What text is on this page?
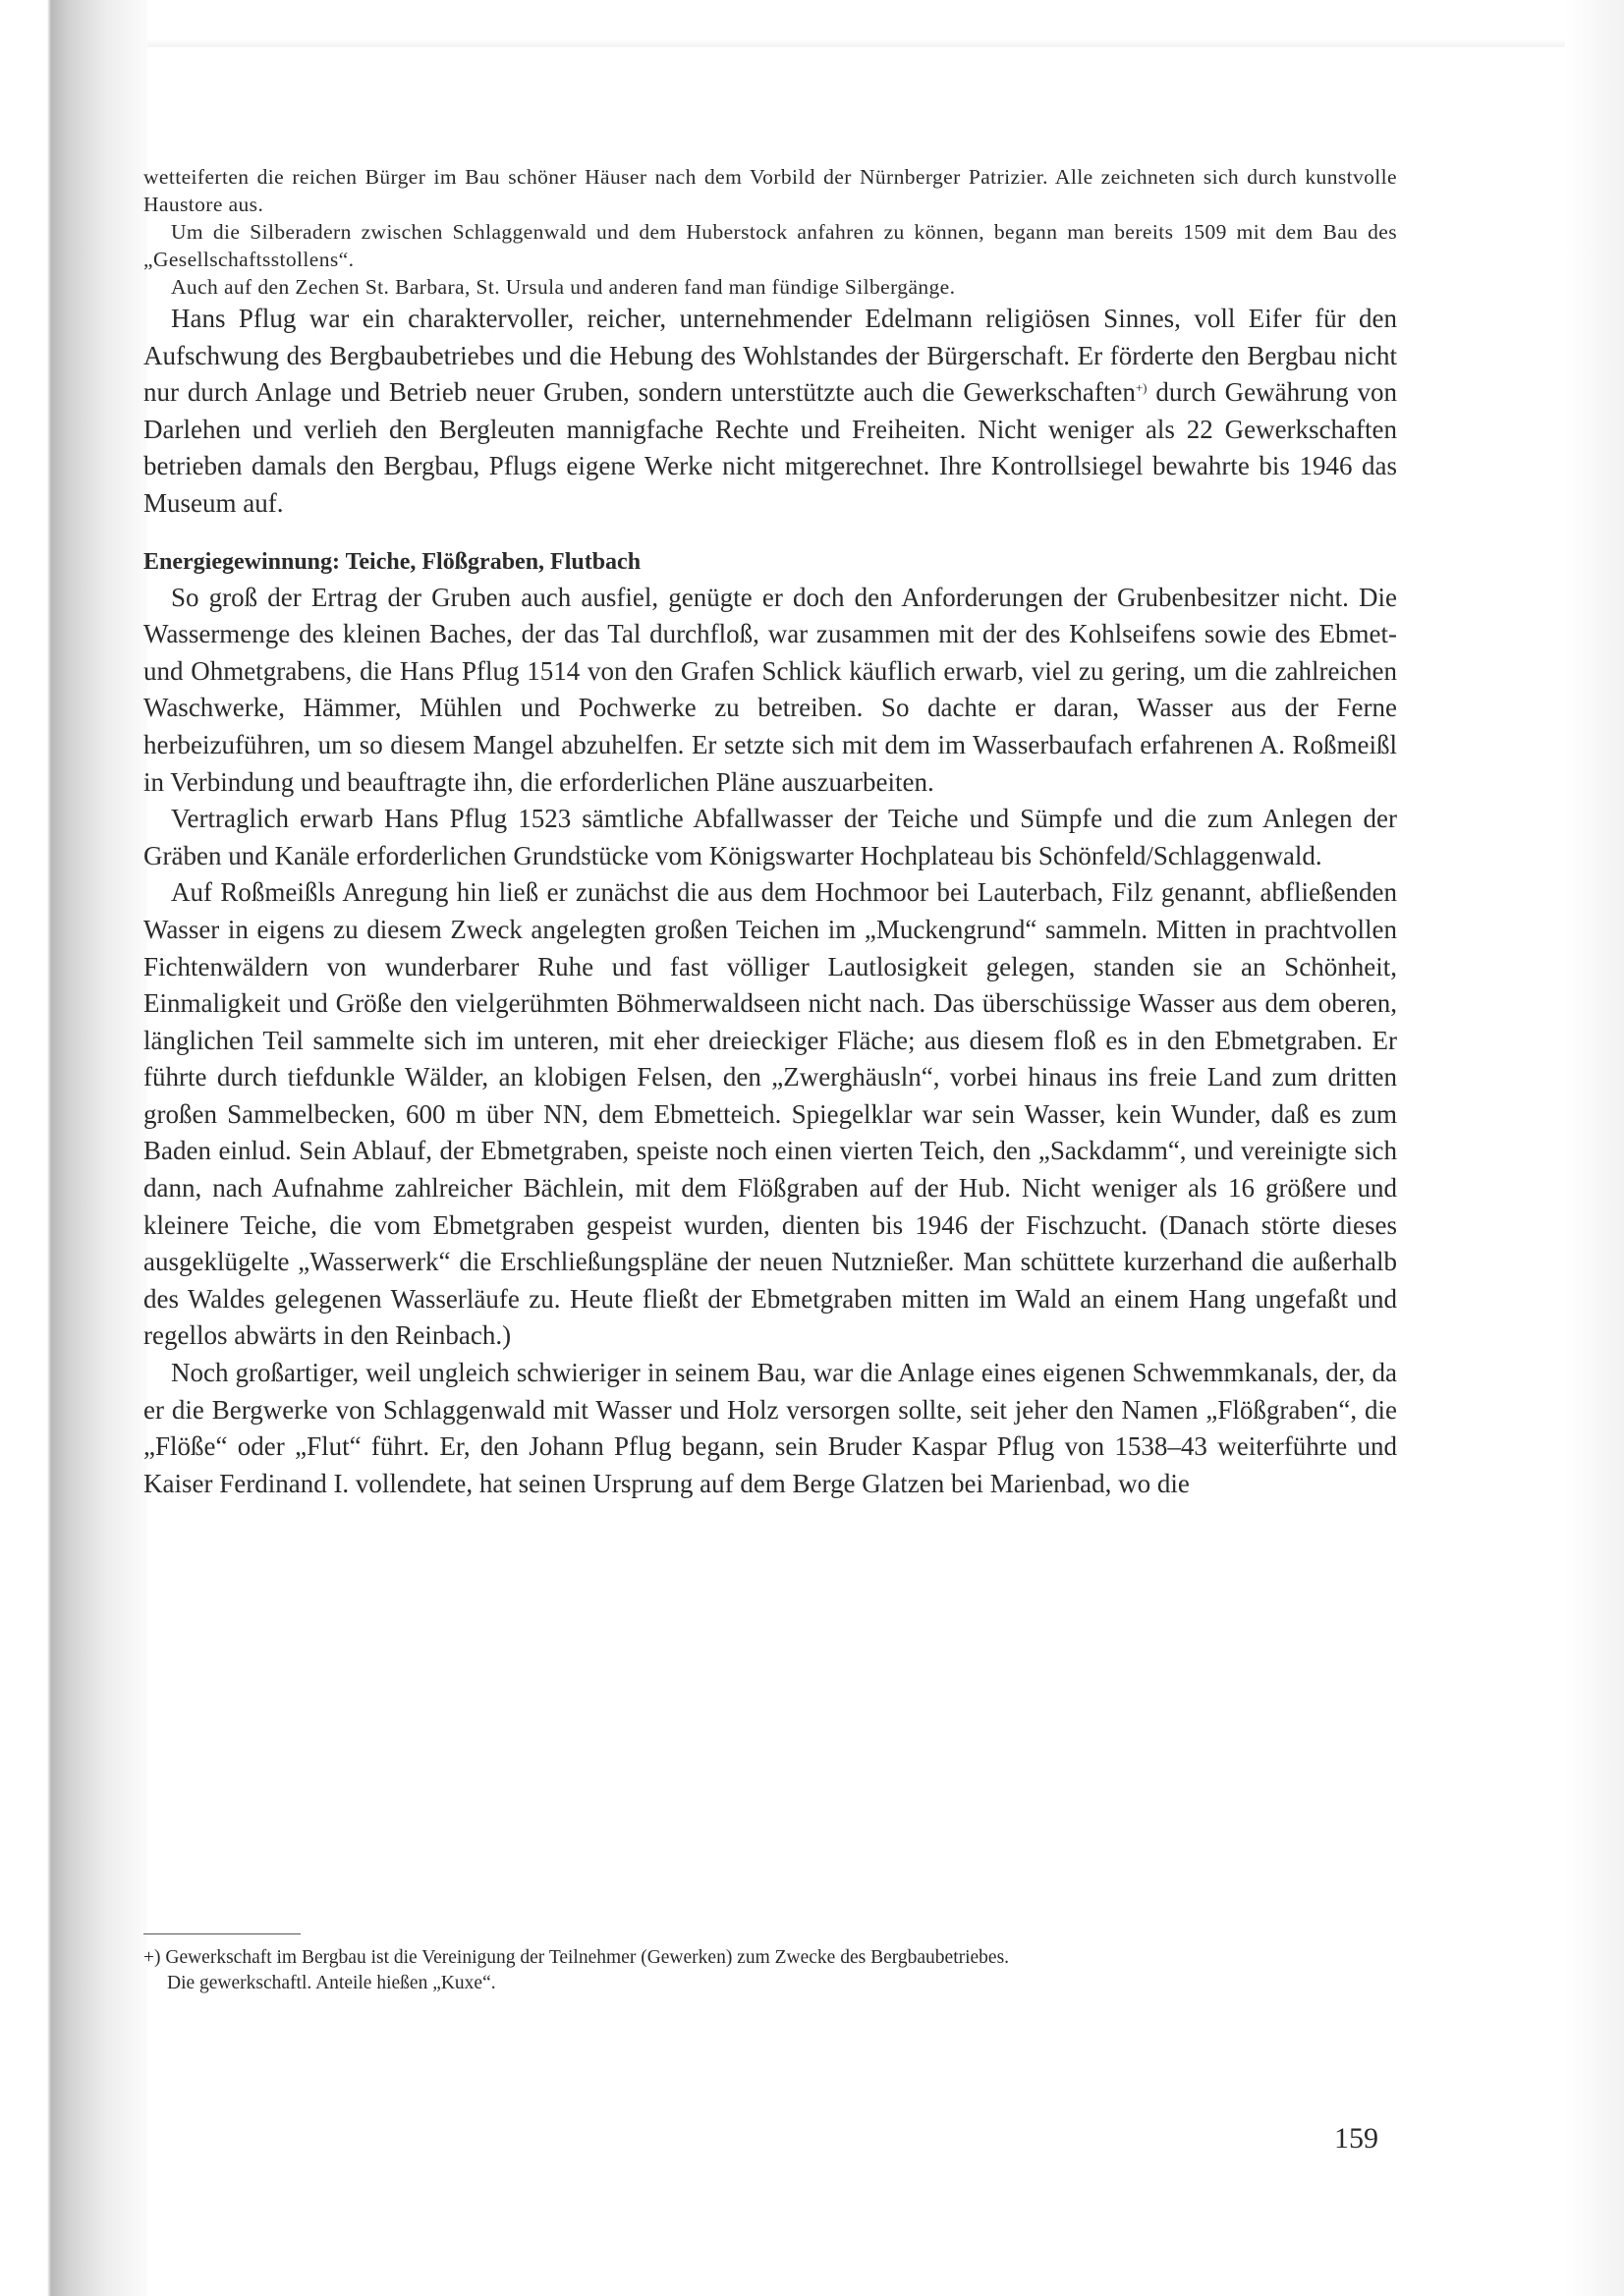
wetteiferten die reichen Bürger im Bau schöner Häuser nach dem Vorbild der Nürnberger Patrizier. Alle zeichneten sich durch kunstvolle Haustore aus.

Um die Silberadern zwischen Schlaggenwald und dem Huberstock anfahren zu können, begann man bereits 1509 mit dem Bau des „Gesellschaftsstollens“.

Auch auf den Zechen St. Barbara, St. Ursula und anderen fand man fündige Silbergänge.

Hans Pflug war ein charaktervoller, reicher, unternehmender Edelmann religiösen Sinnes, voll Eifer für den Aufschwung des Bergbaubetriebes und die Hebung des Wohlstandes der Bürgerschaft. Er förderte den Bergbau nicht nur durch Anlage und Betrieb neuer Gruben, sondern unterstützte auch die Gewerkschaften+) durch Gewährung von Darlehen und verlieh den Bergleuten mannigfache Rechte und Freiheiten. Nicht weniger als 22 Gewerkschaften betrieben damals den Bergbau, Pflugs eigene Werke nicht mitgerechnet. Ihre Kontrollsiegel bewahrte bis 1946 das Museum auf.

Energiegewinnung: Teiche, Flößgraben, Flutbach

So groß der Ertrag der Gruben auch ausfiel, genügte er doch den Anforderungen der Grubenbesitzer nicht. Die Wassermenge des kleinen Baches, der das Tal durchfloß, war zusammen mit der des Kohlseifens sowie des Ebmet- und Ohmetgrabens, die Hans Pflug 1514 von den Grafen Schlick käuflich erwarb, viel zu gering, um die zahlreichen Waschwerke, Hämmer, Mühlen und Pochwerke zu betreiben. So dachte er daran, Wasser aus der Ferne herbeizuführen, um so diesem Mangel abzuhelfen. Er setzte sich mit dem im Wasserbaufach erfahrenen A. Roßmeißl in Verbindung und beauftragte ihn, die erforderlichen Pläne auszuarbeiten.

Vertraglich erwarb Hans Pflug 1523 sämtliche Abfallwasser der Teiche und Sümpfe und die zum Anlegen der Gräben und Kanäle erforderlichen Grundstücke vom Königswarter Hochplateau bis Schönfeld/Schlaggenwald.

Auf Roßmeißls Anregung hin ließ er zunächst die aus dem Hochmoor bei Lauterbach, Filz genannt, abfließenden Wasser in eigens zu diesem Zweck angelegten großen Teichen im „Muckengrund“ sammeln. Mitten in prachtvollen Fichtenwäldern von wunderbarer Ruhe und fast völliger Lautlosigkeit gelegen, standen sie an Schönheit, Einmaligkeit und Größe den vielgerühmten Böhmerwaldseen nicht nach. Das überschüssige Wasser aus dem oberen, länglichen Teil sammelte sich im unteren, mit eher dreieckiger Fläche; aus diesem floß es in den Ebmetgraben. Er führte durch tiefdunkle Wälder, an klobigen Felsen, den „Zwerghäusln“, vorbei hinaus ins freie Land zum dritten großen Sammelbecken, 600 m über NN, dem Ebmetteich. Spiegelklar war sein Wasser, kein Wunder, daß es zum Baden einlud. Sein Ablauf, der Ebmetgraben, speiste noch einen vierten Teich, den „Sackdamm“, und vereinigte sich dann, nach Aufnahme zahlreicher Bächlein, mit dem Flößgraben auf der Hub. Nicht weniger als 16 größere und kleinere Teiche, die vom Ebmetgraben gespeist wurden, dienten bis 1946 der Fischzucht. (Danach störte dieses ausgeklügelte „Wasserwerk“ die Erschließungspläne der neuen Nutznießer. Man schüttete kurzerhand die außerhalb des Waldes gelegenen Wasserläufe zu. Heute fließt der Ebmetgraben mitten im Wald an einem Hang ungefaßt und regellos abwärts in den Reinbach.)

Noch großartiger, weil ungleich schwieriger in seinem Bau, war die Anlage eines eigenen Schwemmkanals, der, da er die Bergwerke von Schlaggenwald mit Wasser und Holz versorgen sollte, seit jeher den Namen „Flößgraben“, die „Flöße“ oder „Flut“ führt. Er, den Johann Pflug begann, sein Bruder Kaspar Pflug von 1538–43 weiterführte und Kaiser Ferdinand I. vollendete, hat seinen Ursprung auf dem Berge Glatzen bei Marienbad, wo die

+) Gewerkschaft im Bergbau ist die Vereinigung der Teilnehmer (Gewerken) zum Zwecke des Bergbaubetriebes.

Die gewerkschaftl. Anteile hießen „Kuxe“.

159
